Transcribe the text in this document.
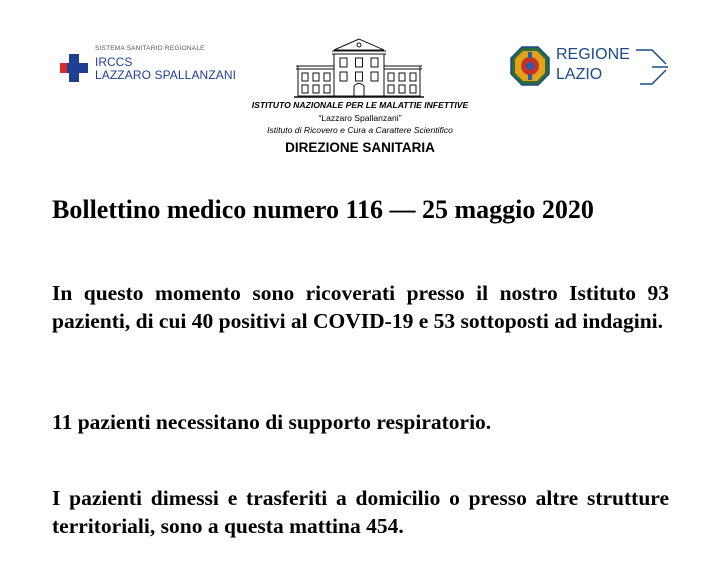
SISTEMA SANITARIO REGIONALE
IRCCS
LAZZARO SPALLANZANI
REGIONE
LAZIO
ISTITUTO NAZIONALE PER LE MALATTIE INFETTIVE
“Lazzaro Spallanzani”
Istituto di Ricovero e Cura a Carattere Scientifico
DIREZIONE SANITARIA
Bollettino medico numero 116 — 25 maggio 2020
In questo momento sono ricoverati presso il nostro Istituto 93 pazienti, di cui 40 positivi al COVID-19 e 53 sottoposti ad indagini.
11 pazienti necessitano di supporto respiratorio.
I pazienti dimessi e trasferiti a domicilio o presso altre strutture territoriali, sono a questa mattina 454.
